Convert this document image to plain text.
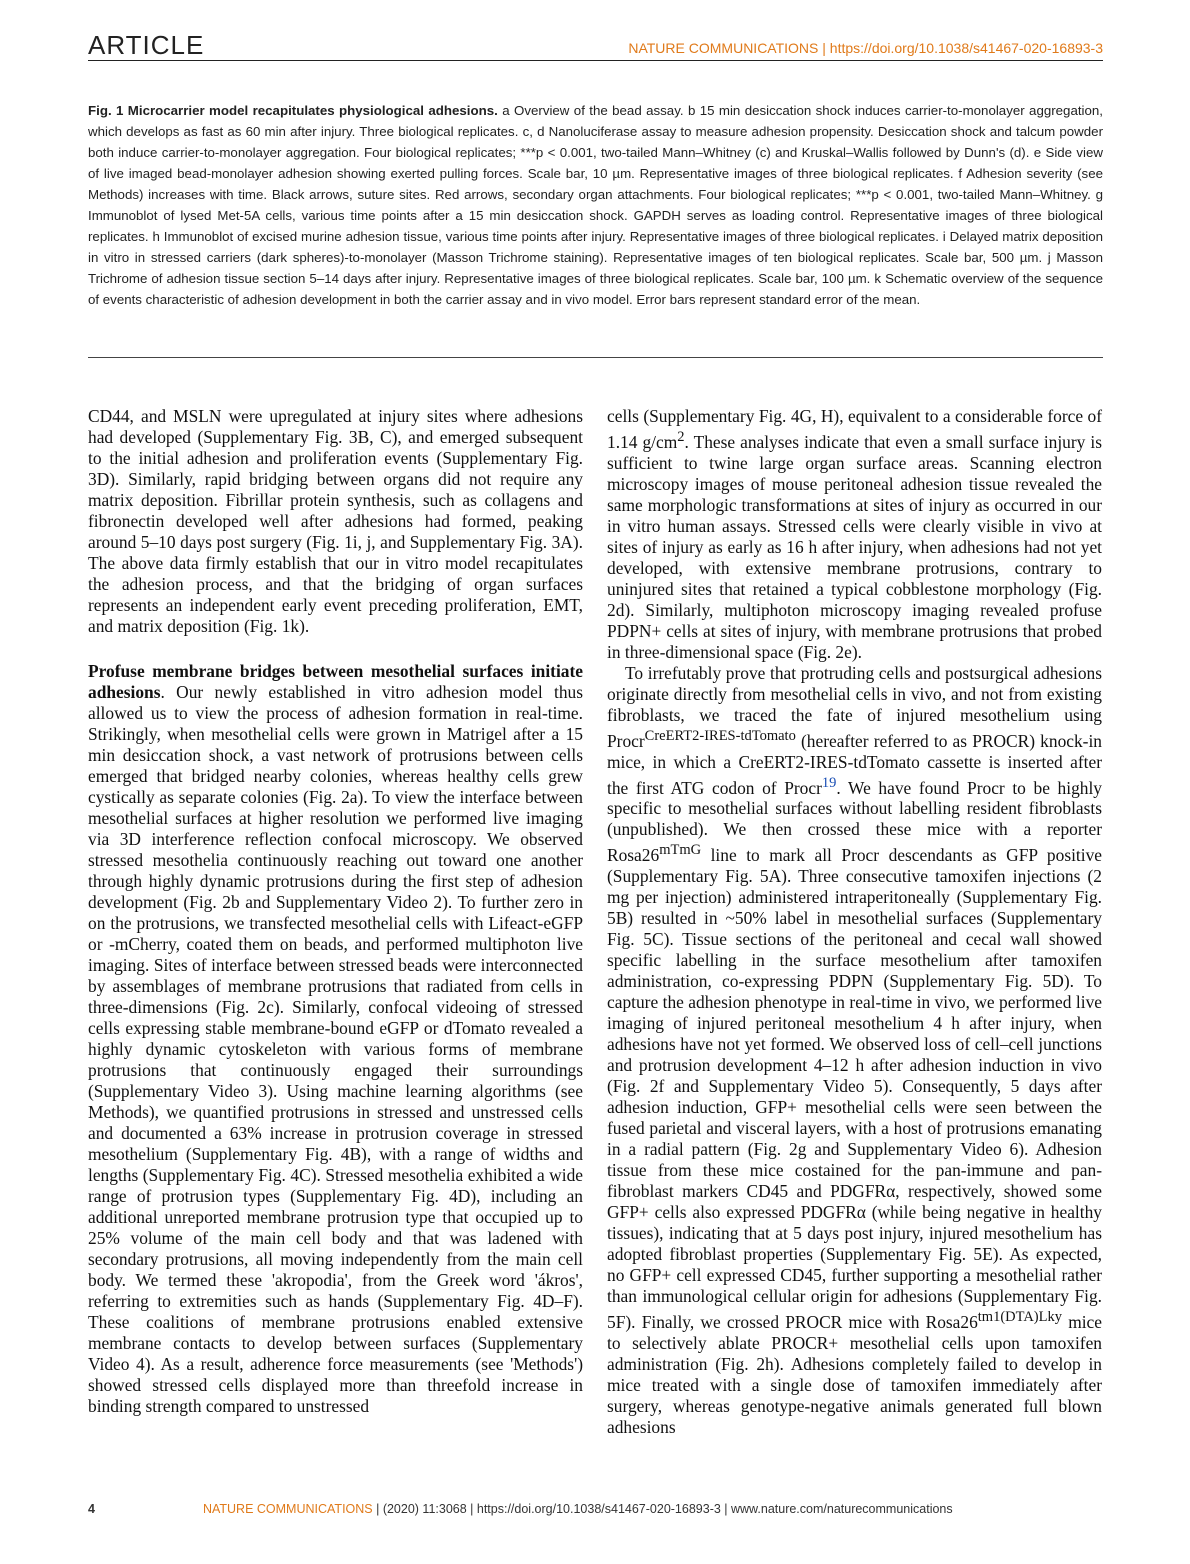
ARTICLE	NATURE COMMUNICATIONS | https://doi.org/10.1038/s41467-020-16893-3
Fig. 1 Microcarrier model recapitulates physiological adhesions. a Overview of the bead assay. b 15 min desiccation shock induces carrier-to-monolayer aggregation, which develops as fast as 60 min after injury. Three biological replicates. c, d Nanoluciferase assay to measure adhesion propensity. Desiccation shock and talcum powder both induce carrier-to-monolayer aggregation. Four biological replicates; ***p < 0.001, two-tailed Mann–Whitney (c) and Kruskal–Wallis followed by Dunn's (d). e Side view of live imaged bead-monolayer adhesion showing exerted pulling forces. Scale bar, 10 µm. Representative images of three biological replicates. f Adhesion severity (see Methods) increases with time. Black arrows, suture sites. Red arrows, secondary organ attachments. Four biological replicates; ***p < 0.001, two-tailed Mann–Whitney. g Immunoblot of lysed Met-5A cells, various time points after a 15 min desiccation shock. GAPDH serves as loading control. Representative images of three biological replicates. h Immunoblot of excised murine adhesion tissue, various time points after injury. Representative images of three biological replicates. i Delayed matrix deposition in vitro in stressed carriers (dark spheres)-to-monolayer (Masson Trichrome staining). Representative images of ten biological replicates. Scale bar, 500 µm. j Masson Trichrome of adhesion tissue section 5–14 days after injury. Representative images of three biological replicates. Scale bar, 100 µm. k Schematic overview of the sequence of events characteristic of adhesion development in both the carrier assay and in vivo model. Error bars represent standard error of the mean.

CD44, and MSLN were upregulated at injury sites where adhesions had developed (Supplementary Fig. 3B, C), and emerged subsequent to the initial adhesion and proliferation events (Supplementary Fig. 3D). Similarly, rapid bridging between organs did not require any matrix deposition. Fibrillar protein synthesis, such as collagens and fibronectin developed well after adhesions had formed, peaking around 5–10 days post surgery (Fig. 1i, j, and Supplementary Fig. 3A). The above data firmly establish that our in vitro model recapitulates the adhesion process, and that the bridging of organ surfaces represents an independent early event preceding proliferation, EMT, and matrix deposition (Fig. 1k).

Profuse membrane bridges between mesothelial surfaces initiate adhesions. Our newly established in vitro adhesion model thus allowed us to view the process of adhesion formation in real-time. Strikingly, when mesothelial cells were grown in Matrigel after a 15 min desiccation shock, a vast network of protrusions between cells emerged that bridged nearby colonies, whereas healthy cells grew cystically as separate colonies (Fig. 2a). To view the interface between mesothelial surfaces at higher resolution we performed live imaging via 3D interference reflection confocal microscopy. We observed stressed mesothelia continuously reaching out toward one another through highly dynamic protrusions during the first step of adhesion development (Fig. 2b and Supplementary Video 2). To further zero in on the protrusions, we transfected mesothelial cells with Lifeact-eGFP or -mCherry, coated them on beads, and performed multiphoton live imaging. Sites of interface between stressed beads were interconnected by assemblages of membrane protrusions that radiated from cells in three-dimensions (Fig. 2c). Similarly, confocal videoing of stressed cells expressing stable membrane-bound eGFP or dTomato revealed a highly dynamic cytoskeleton with various forms of membrane protrusions that continuously engaged their surroundings (Supplementary Video 3). Using machine learning algorithms (see Methods), we quantified protrusions in stressed and unstressed cells and documented a 63% increase in protrusion coverage in stressed mesothelium (Supplementary Fig. 4B), with a range of widths and lengths (Supplementary Fig. 4C). Stressed mesothelia exhibited a wide range of protrusion types (Supplementary Fig. 4D), including an additional unreported membrane protrusion type that occupied up to 25% volume of the main cell body and that was ladened with secondary protrusions, all moving independently from the main cell body. We termed these 'akropodia', from the Greek word 'ákros', referring to extremities such as hands (Supplementary Fig. 4D–F). These coalitions of membrane protrusions enabled extensive membrane contacts to develop between surfaces (Supplementary Video 4). As a result, adherence force measurements (see 'Methods') showed stressed cells displayed more than threefold increase in binding strength compared to unstressed

cells (Supplementary Fig. 4G, H), equivalent to a considerable force of 1.14 $g/cm^2$. These analyses indicate that even a small surface injury is sufficient to twine large organ surface areas. Scanning electron microscopy images of mouse peritoneal adhesion tissue revealed the same morphologic transformations at sites of injury as occurred in our in vitro human assays. Stressed cells were clearly visible in vivo at sites of injury as early as 16 h after injury, when adhesions had not yet developed, with extensive membrane protrusions, contrary to uninjured sites that retained a typical cobblestone morphology (Fig. 2d). Similarly, multiphoton microscopy imaging revealed profuse PDPN+ cells at sites of injury, with membrane protrusions that probed in three-dimensional space (Fig. 2e).

To irrefutably prove that protruding cells and postsurgical adhesions originate directly from mesothelial cells in vivo, and not from existing fibroblasts, we traced the fate of injured mesothelium using Procr$^{CreERT2-IRES-tdTomato}$ (hereafter referred to as PROCR) knock-in mice, in which a CreERT2-IRES-tdTomato cassette is inserted after the first ATG codon of Procr$^{19}$. We have found Procr to be highly specific to mesothelial surfaces without labelling resident fibroblasts (unpublished). We then crossed these mice with a reporter $Rosa26^{mTmG}$ line to mark all Procr descendants as GFP positive (Supplementary Fig. 5A). Three consecutive tamoxifen injections (2 mg per injection) administered intraperitoneally (Supplementary Fig. 5B) resulted in ~50% label in mesothelial surfaces (Supplementary Fig. 5C). Tissue sections of the peritoneal and cecal wall showed specific labelling in the surface mesothelium after tamoxifen administration, co-expressing PDPN (Supplementary Fig. 5D). To capture the adhesion phenotype in real-time in vivo, we performed live imaging of injured peritoneal mesothelium 4 h after injury, when adhesions have not yet formed. We observed loss of cell–cell junctions and protrusion development 4–12 h after adhesion induction in vivo (Fig. 2f and Supplementary Video 5). Consequently, 5 days after adhesion induction, GFP+ mesothelial cells were seen between the fused parietal and visceral layers, with a host of protrusions emanating in a radial pattern (Fig. 2g and Supplementary Video 6). Adhesion tissue from these mice costained for the pan-immune and pan-fibroblast markers CD45 and PDGFRα, respectively, showed some GFP+ cells also expressed PDGFRα (while being negative in healthy tissues), indicating that at 5 days post injury, injured mesothelium has adopted fibroblast properties (Supplementary Fig. 5E). As expected, no GFP+ cell expressed CD45, further supporting a mesothelial rather than immunological cellular origin for adhesions (Supplementary Fig. 5F). Finally, we crossed PROCR mice with $Rosa26^{tm1(DTA)Lky}$ mice to selectively ablate PROCR+ mesothelial cells upon tamoxifen administration (Fig. 2h). Adhesions completely failed to develop in mice treated with a single dose of tamoxifen immediately after surgery, whereas genotype-negative animals generated full blown adhesions

4	NATURE COMMUNICATIONS | (2020) 11:3068 | https://doi.org/10.1038/s41467-020-16893-3 | www.nature.com/naturecommunications
